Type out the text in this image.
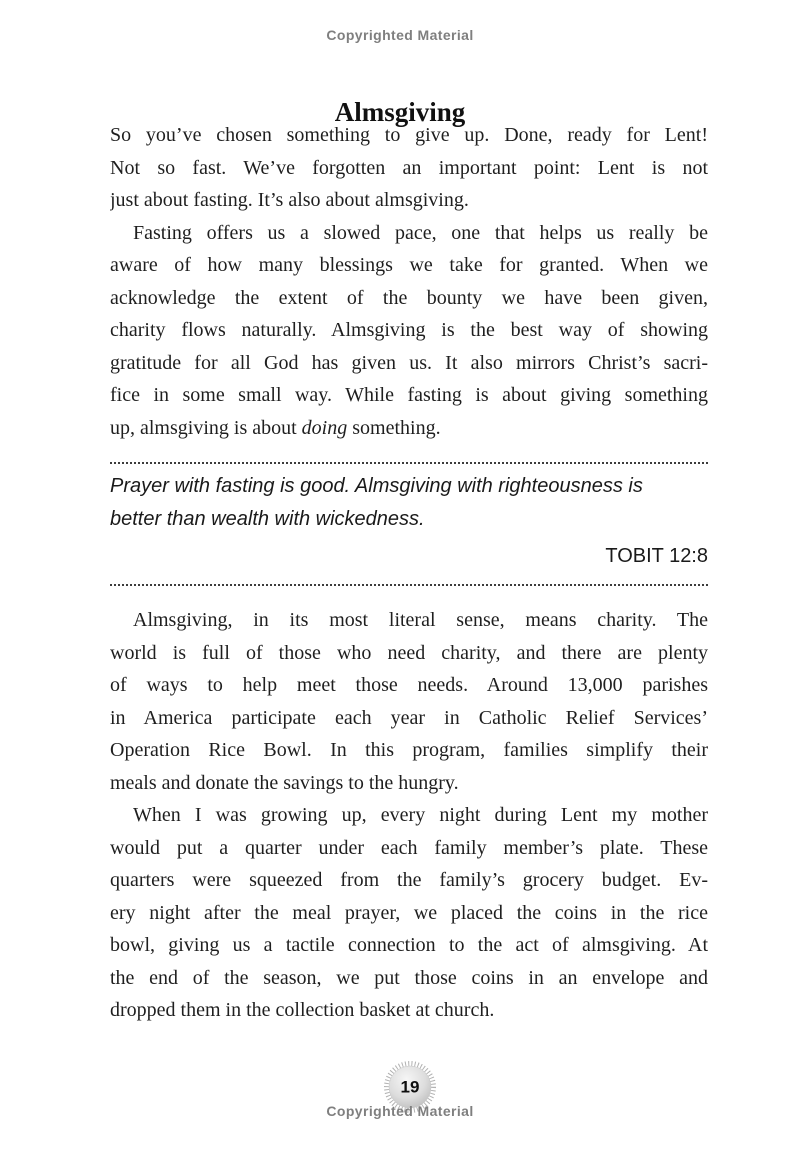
Copyrighted Material
Almsgiving
So you’ve chosen something to give up. Done, ready for Lent!
Not so fast. We’ve forgotten an important point: Lent is not
just about fasting. It’s also about almsgiving.
Fasting offers us a slowed pace, one that helps us really be
aware of how many blessings we take for granted. When we
acknowledge the extent of the bounty we have been given,
charity flows naturally. Almsgiving is the best way of showing
gratitude for all God has given us. It also mirrors Christ’s sacri-
fice in some small way. While fasting is about giving something
up, almsgiving is about doing something.
Prayer with fasting is good. Almsgiving with righteousness is
better than wealth with wickedness.
TOBIT 12:8
Almsgiving, in its most literal sense, means charity. The
world is full of those who need charity, and there are plenty
of ways to help meet those needs. Around 13,000 parishes
in America participate each year in Catholic Relief Services’
Operation Rice Bowl. In this program, families simplify their
meals and donate the savings to the hungry.
When I was growing up, every night during Lent my mother
would put a quarter under each family member’s plate. These
quarters were squeezed from the family’s grocery budget. Ev-
ery night after the meal prayer, we placed the coins in the rice
bowl, giving us a tactile connection to the act of almsgiving. At
the end of the season, we put those coins in an envelope and
dropped them in the collection basket at church.
19
Copyrighted Material
